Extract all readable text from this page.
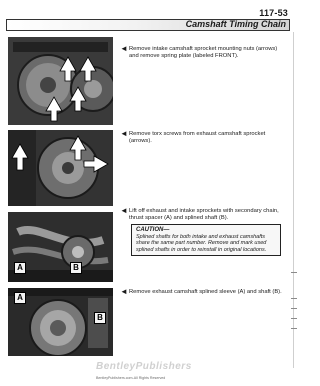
117-53
Camshaft Timing Chain
A	B
A
B
◄ Remove intake camshaft sprocket mounting nuts (arrows) and remove spring plate (labeled FRONT).
◄ Remove torx screws from exhaust camshaft sprocket (arrows).
◄ Lift off exhaust and intake sprockets with secondary chain, thrust spacer (A) and splined shaft (B).
CAUTION—
Splined shafts for both intake and exhaust camshafts share the same part number. Remove and mark used splined shafts in order to reinstall in original locations.
◄ Remove exhaust camshaft splined sleeve (A) and shaft (B).
BentleyPublishers
BentleyPublishers.com-All Rights Reserved
